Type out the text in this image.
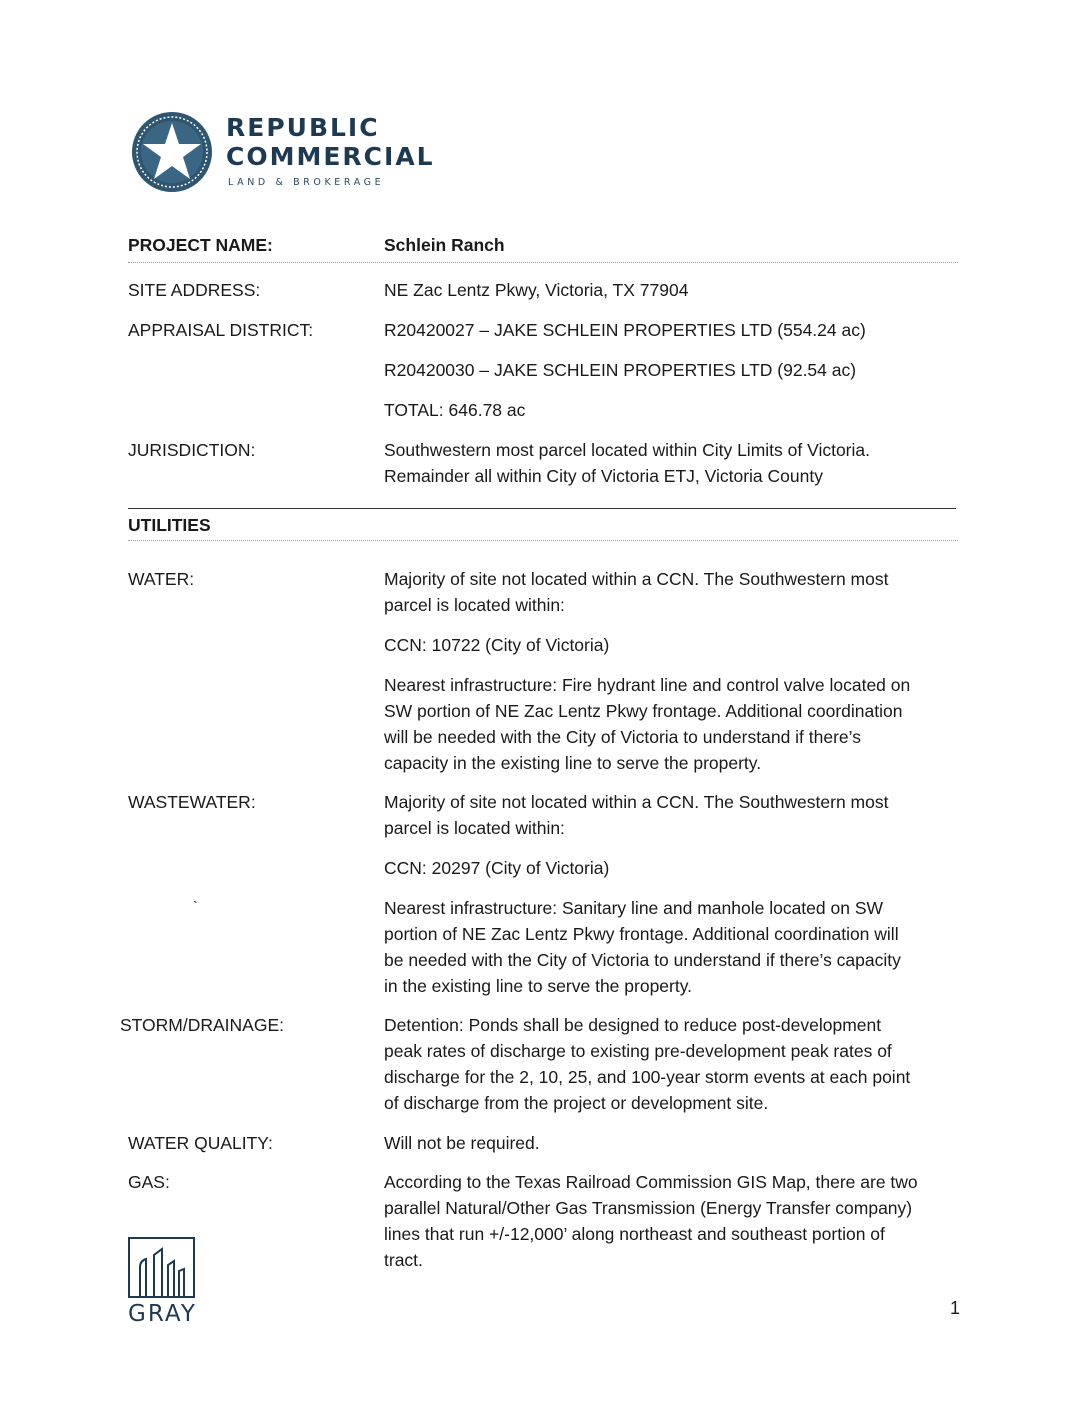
REPUBLIC
COMMERCIAL
LAND & BROKERAGE
PROJECT NAME:	Schlein Ranch
SITE ADDRESS:	NE Zac Lentz Pkwy, Victoria, TX 77904
APPRAISAL DISTRICT:	R20420027 – JAKE SCHLEIN PROPERTIES LTD (554.24 ac)
R20420030 – JAKE SCHLEIN PROPERTIES LTD (92.54 ac)
TOTAL: 646.78 ac
JURISDICTION:	Southwestern most parcel located within City Limits of Victoria.
Remainder all within City of Victoria ETJ, Victoria County
UTILITIES
WATER:	Majority of site not located within a CCN. The Southwestern most
parcel is located within:
CCN: 10722 (City of Victoria)
Nearest infrastructure: Fire hydrant line and control valve located on
SW portion of NE Zac Lentz Pkwy frontage. Additional coordination
will be needed with the City of Victoria to understand if there’s
capacity in the existing line to serve the property.
WASTEWATER:	Majority of site not located within a CCN. The Southwestern most
parcel is located within:
CCN: 20297 (City of Victoria)
`	Nearest infrastructure: Sanitary line and manhole located on SW
portion of NE Zac Lentz Pkwy frontage. Additional coordination will
be needed with the City of Victoria to understand if there’s capacity
in the existing line to serve the property.
STORM/DRAINAGE:	Detention: Ponds shall be designed to reduce post-development
peak rates of discharge to existing pre-development peak rates of
discharge for the 2, 10, 25, and 100-year storm events at each point
of discharge from the project or development site.
WATER QUALITY:	Will not be required.
GAS:	According to the Texas Railroad Commission GIS Map, there are two
parallel Natural/Other Gas Transmission (Energy Transfer company)
lines that run +/-12,000’ along northeast and southeast portion of
tract.
GRAY	1
